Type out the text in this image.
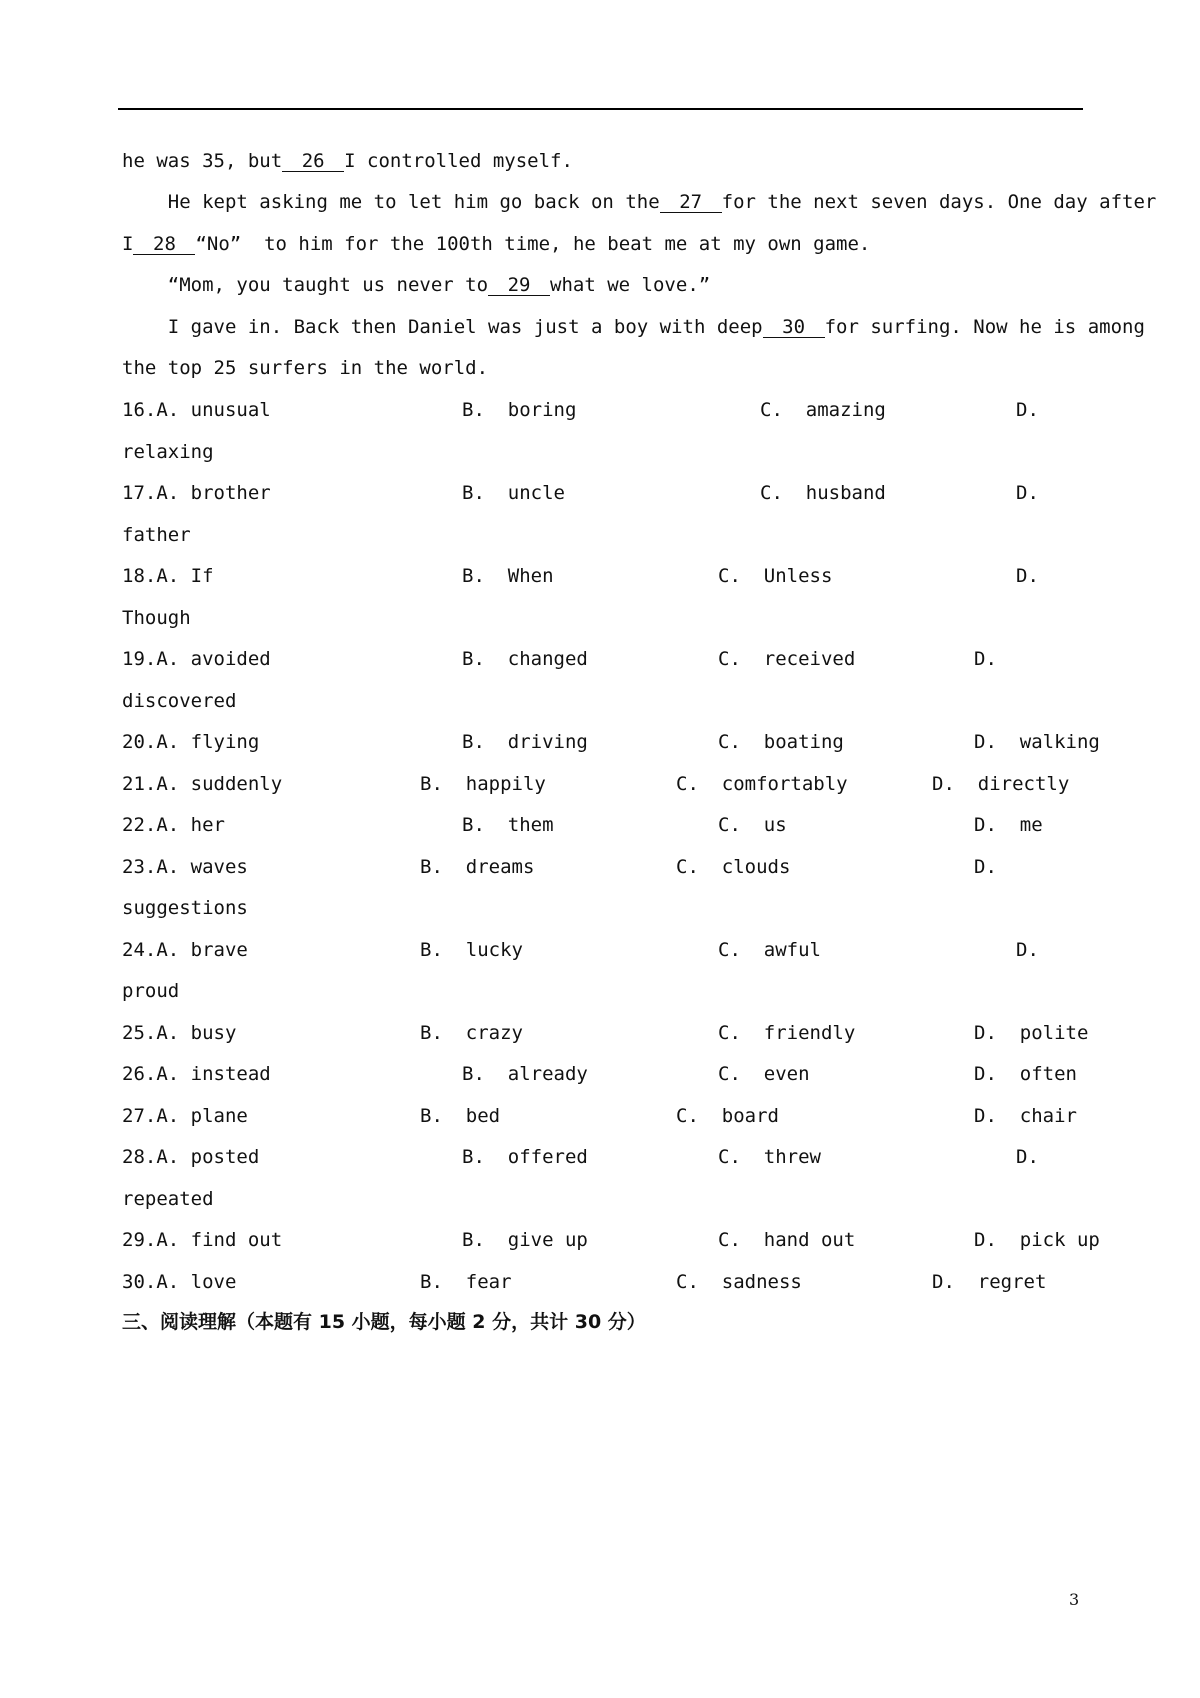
he was 35, but 26 I controlled myself.
He kept asking me to let him go back on the 27 for the next seven days. One day after
I 28 “No”  to him for the 100th time, he beat me at my own game.
“Mom, you taught us never to 29 what we love.”
I gave in. Back then Daniel was just a boy with deep 30 for surfing. Now he is among
the top 25 surfers in the world.
16.A. unusual	B.  boring	C.  amazing	D.
relaxing
17.A. brother	B.  uncle	C.  husband	D.
father
18.A. If	B.  When	C.  Unless	D.
Though
19.A. avoided	B.  changed	C.  received	D.
discovered
20.A. flying	B.  driving	C.  boating	D.  walking
21.A. suddenly	B.  happily	C.  comfortably	D.  directly
22.A. her	B.  them	C.  us	D.  me
23.A. waves	B.  dreams	C.  clouds	D.
suggestions
24.A. brave	B.  lucky	C.  awful	D.
proud
25.A. busy	B.  crazy	C.  friendly	D.  polite
26.A. instead	B.  already	C.  even	D.  often
27.A. plane	B.  bed	C.  board	D.  chair
28.A. posted	B.  offered	C.  threw	D.
repeated
29.A. find out	B.  give up	C.  hand out	D.  pick up
30.A. love	B.  fear	C.  sadness	D.  regret
三、阅读理解（本题有 15 小题，每小题 2 分，共计 30 分）
3
